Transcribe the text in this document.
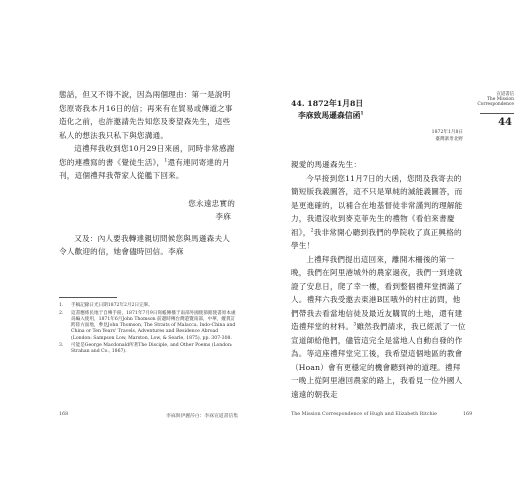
態話，但又不得不說，因為兩個理由：第一是說明您原寄我本月16日的信；再來有在貿易或傳道之事造化之前，也許邀請先告知您及麥望森先生，這些私人的想法我只私下與您溝通。

這禮拜我收到您10月29日來函，同時非常感謝您的連禮寫的書《覺徒生活》，$^1$還有連同寄達的月刊，這個禮拜我帶家人從艦下回來。

您永遠忠實的

李庥

又及：內人要我轉達親切問候您與馬遜森夫人令人歡迎的信，她會儘時回信。李庥

1.	手稿記錄日光日期1872年2月2日完畢。
2.	這書應係民地于自傳手冊，1871年7月9日寫帳傳播于南部外國使節館使書原本處爲編入使用，1871年6月John Thomson 前邊時傳台灣遊覽南部，中華，縱貫訂跨陸方面地，參見John Thomson, The Straits of Malacca, Indo-China and China or Ten Years' Travels, Adventures and Residence Abroad (London: Sampson Low, Marston, Low, & Searle, 1875), pp. 307-308.
3.	可能是George Macdonald所著The Disciple, and Other Poems (London: Strahan and Co., 1867).
168	李庥與伊麗莎白：李庥宣道書信集
宣道書信
The Mission
Correspondence
44
44. 1872年1月8日
李庥致馬遜森信函$^1$
1872年1月8日
臺灣寨卅北野

親愛的馬遜森先生：

今早接到您11月7日的大函，您問及我寄去的簡短版我義圖答，這不只是單純的滅能義圖答，而是更進確的，以補合在地基督徒非常謹判的理解能力，我還沒收到麥克菲先生的禮物《看伯來書慶祖》，$^2$我非常開心聽到我們的學院收了真正興格的學生！

上禮拜我們提出這回來，離開木柵後的第一晚，我們在阿里港城外的農家過夜，我們一到達就證了安息日，爬了幸一樓，看到整個禮拜堂擠滿了人。禮拜六我受邀去東港B匡哦外的村庄訪問，他們帶我去看當地信徒及最近友購買的土地，還有建造禮拜堂的材料。$^3$雖然我們請求，我已經派了一位宣道師給他們，儘管這完全是當地人自動自發的作為。等這座禮拜堂完工後，我希望這個地區的教會（Hoan）會有更穩定的機會聽到神的道理。禮拜一晚上從阿里港回農家的路上，我看見一位外國人遠遠的朝我走

The Mission Correspondence of Hugh and Elizabeth Ritchie	169
